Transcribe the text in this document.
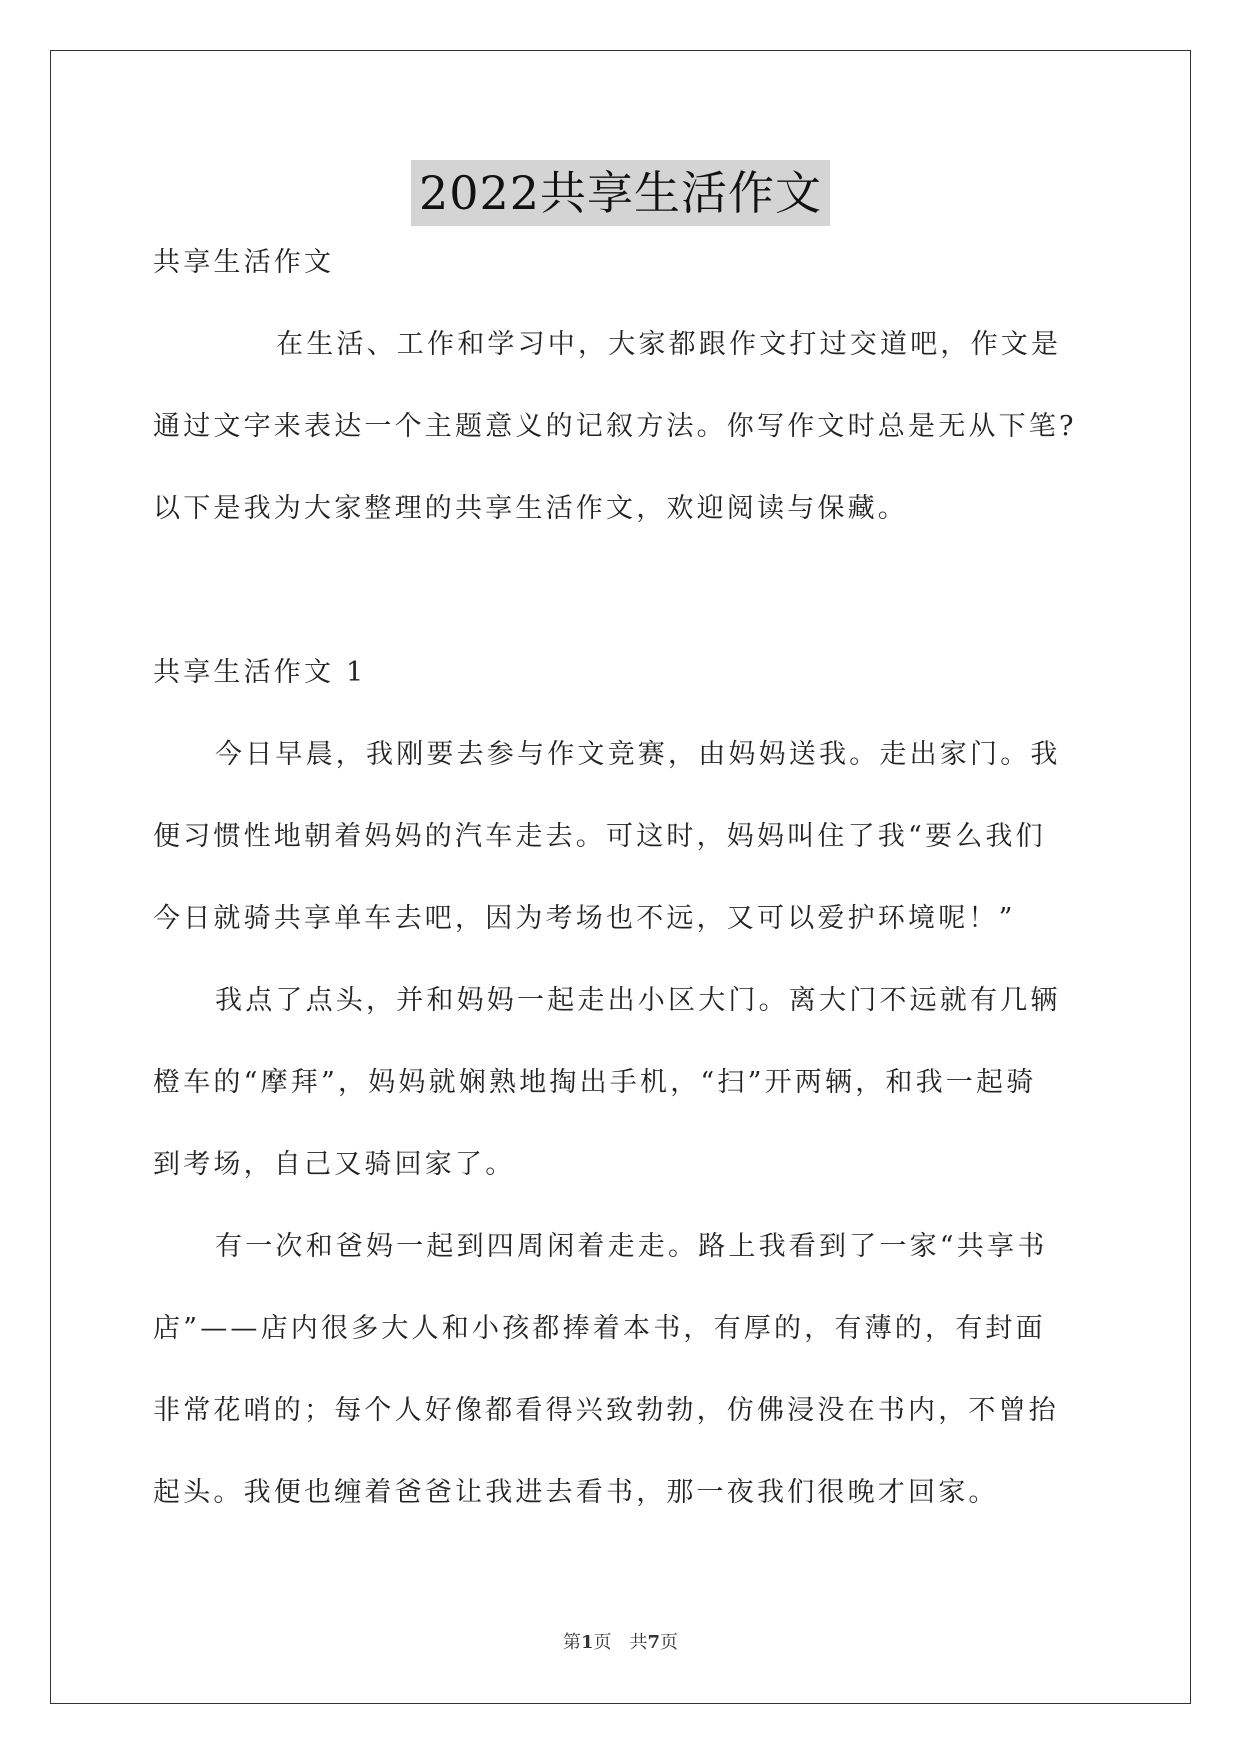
2022共享生活作文
共享生活作文
在生活、工作和学习中，大家都跟作文打过交道吧，作文是
通过文字来表达一个主题意义的记叙方法。你写作文时总是无从下笔?
以下是我为大家整理的共享生活作文，欢迎阅读与保藏。
共享生活作文 1
今日早晨，我刚要去参与作文竞赛，由妈妈送我。走出家门。我
便习惯性地朝着妈妈的汽车走去。可这时，妈妈叫住了我“要么我们
今日就骑共享单车去吧，因为考场也不远，又可以爱护环境呢！”
我点了点头，并和妈妈一起走出小区大门。离大门不远就有几辆
橙车的“摩拜”，妈妈就娴熟地掏出手机，“扫”开两辆，和我一起骑
到考场，自己又骑回家了。
有一次和爸妈一起到四周闲着走走。路上我看到了一家“共享书
店”——店内很多大人和小孩都捧着本书，有厚的，有薄的，有封面
非常花哨的；每个人好像都看得兴致勃勃，仿佛浸没在书内，不曾抬
起头。我便也缠着爸爸让我进去看书，那一夜我们很晚才回家。
第1页 共7页
